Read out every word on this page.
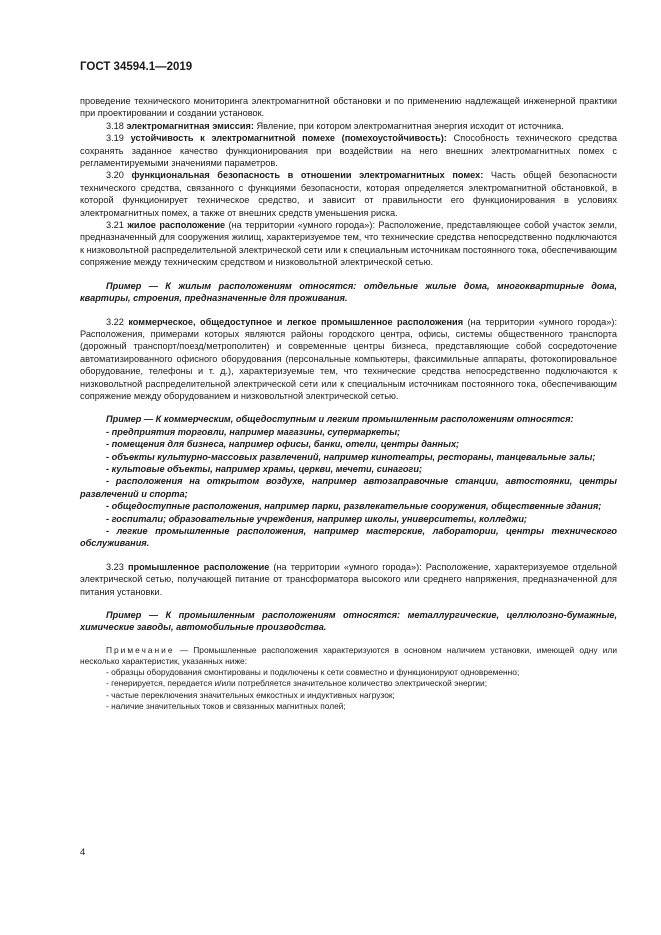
ГОСТ 34594.1—2019

проведение технического мониторинга электромагнитной обстановки и по применению надлежащей инженерной практики при проектировании и создании установок.

3.18 электромагнитная эмиссия: Явление, при котором электромагнитная энергия исходит от источника.

3.19 устойчивость к электромагнитной помехе (помехоустойчивость): Способность технического средства сохранять заданное качество функционирования при воздействии на него внешних электромагнитных помех с регламентируемыми значениями параметров.

3.20 функциональная безопасность в отношении электромагнитных помех: Часть общей безопасности технического средства, связанного с функциями безопасности, которая определяется электромагнитной обстановкой, в которой функционирует техническое средство, и зависит от правильности его функционирования в условиях электромагнитных помех, а также от внешних средств уменьшения риска.

3.21 жилое расположение (на территории «умного города»): Расположение, представляющее собой участок земли, предназначенный для сооружения жилищ, характеризуемое тем, что технические средства непосредственно подключаются к низковольтной распределительной электрической сети или к специальным источникам постоянного тока, обеспечивающим сопряжение между техническим средством и низковольтной электрической сетью.

Пример — К жилым расположениям относятся: отдельные жилые дома, многоквартирные дома, квартиры, строения, предназначенные для проживания.

3.22 коммерческое, общедоступное и легкое промышленное расположения (на территории «умного города»): Расположения, примерами которых являются районы городского центра, офисы, системы общественного транспорта (дорожный транспорт/поезд/метрополитен) и современные центры бизнеса, представляющие собой сосредоточение автоматизированного офисного оборудования (персональные компьютеры, факсимильные аппараты, фотокопировальное оборудование, телефоны и т. д.), характеризуемые тем, что технические средства непосредственно подключаются к низковольтной распределительной электрической сети или к специальным источникам постоянного тока, обеспечивающим сопряжение между оборудованием и низковольтной электрической сетью.

Пример — К коммерческим, общедоступным и легким промышленным расположениям относятся:

- предприятия торговли, например магазины, супермаркеты;

- помещения для бизнеса, например офисы, банки, отели, центры данных;

- объекты культурно-массовых развлечений, например кинотеатры, рестораны, танцевальные залы;

- культовые объекты, например храмы, церкви, мечети, синагоги;

- расположения на открытом воздухе, например автозаправочные станции, автостоянки, центры развлечений и спорта;

- общедоступные расположения, например парки, развлекательные сооружения, общественные здания;

- госпитали; образовательные учреждения, например школы, университеты, колледжи;

- легкие промышленные расположения, например мастерские, лаборатории, центры технического обслуживания.

3.23 промышленное расположение (на территории «умного города»): Расположение, характеризуемое отдельной электрической сетью, получающей питание от трансформатора высокого или среднего напряжения, предназначенной для питания установки.

Пример — К промышленным расположениям относятся: металлургические, целлюлозно-бумажные, химические заводы, автомобильные производства.

Примечание — Промышленные расположения характеризуются в основном наличием установки, имеющей одну или несколько характеристик, указанных ниже:

- образцы оборудования смонтированы и подключены к сети совместно и функционируют одновременно;

- генерируется, передается и/или потребляется значительное количество электрической энергии;

- частые переключения значительных емкостных и индуктивных нагрузок;

- наличие значительных токов и связанных магнитных полей;

4
